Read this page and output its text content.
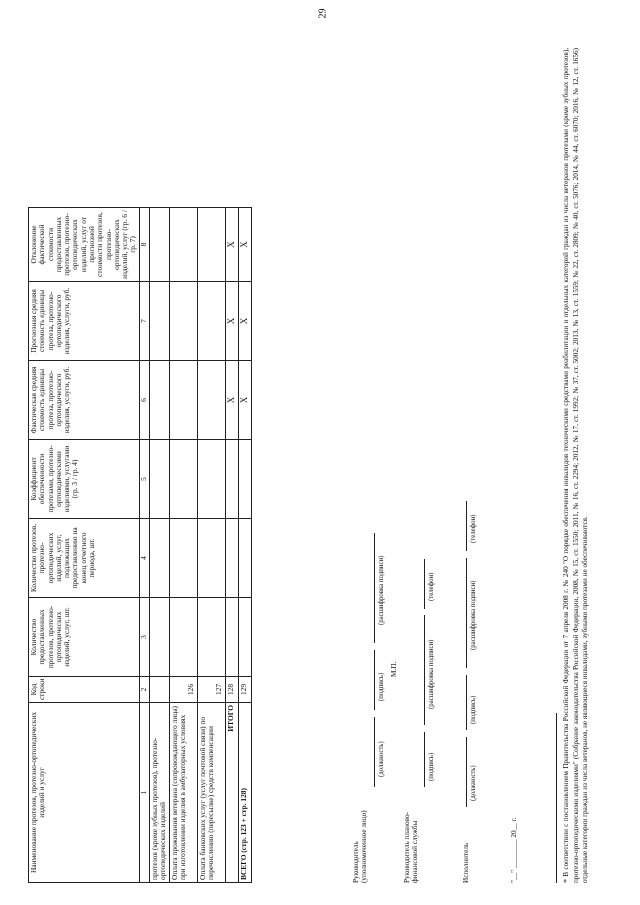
29
Наименование протезов, протезно-ортопедических изделий и услуг	Код строки	Количество предоставленных протезов, протезно-ортопедических изделий, услуг, шт.	Количество протезов, протезно-ортопедических изделий, услуг, подлежащих предоставлению на конец отчетного периода, шт.	Коэффициент обеспеченности протезами, протезно-ортопедическими изделиями, услугами (гр. 3 / гр. 4)	Фактическая средняя стоимость единицы протеза, протезно-ортопедического изделия, услуги, руб.	Прогнозная средняя стоимость единицы протеза, протезно-ортопедического изделия, услуги, руб.	Отклонение фактической стоимости предоставленных протезов, протезно-ортопедических изделий, услуг от прогнозной стоимости протезов, протезно-ортопедических изделий, услуг (гр. 6 / гр. 7)
1	2	3	4	5	6	7	8
протезов (кроме зубных протезов), протезно-ортопедических изделий							
Оплата проживания ветерана (сопровождающего лица) при изготовлении изделия в амбулаторных условиях	126						
Оплата банковских услуг (услуг почтовой связи) по перечислению (пересылке) средств компенсации	127						
ИТОГО	128				X	X	X
ВСЕГО (стр. 123 + стр. 128)	129				X	X	X
Руководитель (уполномоченное лицо)
(должность)
(подпись)
(расшифровка подписи)
М.П.
Руководитель планово-финансовой службы
(подпись)
(расшифровка подписи)
(телефон)
Исполнитель
(должность)
(подпись)
(расшифровка подписи)
(телефон)
"__" ________ 20__ г.	* В соответствии с постановлением Правительства Российской Федерации от 7 апреля 2008 г. № 240 "О порядке обеспечения инвалидов техническими средствами реабилитации и отдельных категорий граждан из числа ветеранов протезами (кроме зубных протезов), протезно-ортопедическими изделиями" (Собрание законодательства Российской Федерации, 2008, № 15, ст. 1550; 2011, № 16, ст. 2294; 2012, № 17, ст. 1992; № 37, ст. 5002; 2013, № 13, ст. 1559; № 22, ст. 2809; № 40, ст. 5076; 2014, № 44, ст. 6070; 2016, № 12, ст. 1656) отдельные категории граждан из числа ветеранов, не являющиеся инвалидами, зубными протезами не обеспечиваются.
